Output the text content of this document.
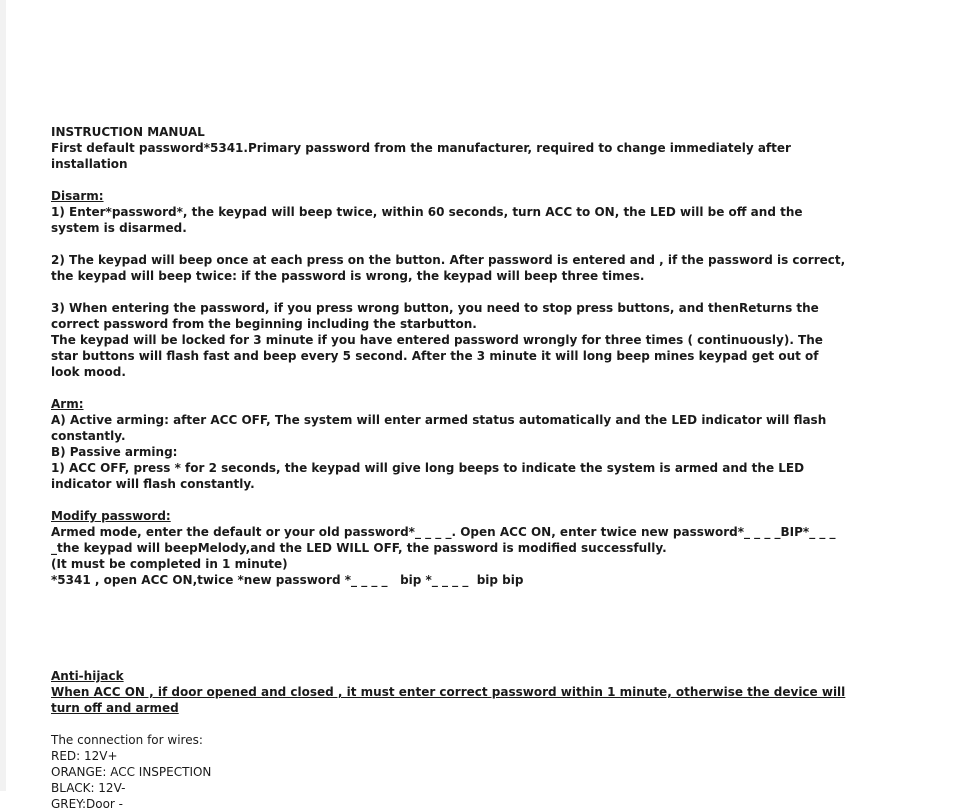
INSTRUCTION MANUAL
First default password*5341.Primary password from the manufacturer, required to change immediately after installation
Disarm:
1) Enter*password*, the keypad will beep twice, within 60 seconds, turn ACC to ON, the LED will be off and the system is disarmed.
2) The keypad will beep once at each press on the button. After password is entered and , if the password is correct, the keypad will beep twice: if the password is wrong, the keypad will beep three times.
3) When entering the password, if you press wrong button, you need to stop press buttons, and thenReturns the correct password from the beginning including the starbutton.
The keypad will be locked for 3 minute if you have entered password wrongly for three times ( continuously). The star buttons will flash fast and beep every 5 second. After the 3 minute it will long beep mines keypad get out of look mood.
Arm:
A) Active arming: after ACC OFF, The system will enter armed status automatically and the LED indicator will flash constantly.
B) Passive arming:
1) ACC OFF, press * for 2 seconds, the keypad will give long beeps to indicate the system is armed and the LED indicator will flash constantly.
Modify password:
Armed mode, enter the default or your old password*_ _ _ _. Open ACC ON, enter twice new password*_ _ _ _BIP*_ _ _ _the keypad will beepMelody,and the LED WILL OFF, the password is modified successfully.
(It must be completed in 1 minute)
*5341 , open ACC ON,twice *new password *_ _ _ _   bip *_ _ _ _  bip bip
Anti-hijack
When ACC ON , if door opened and closed , it must enter correct password within 1 minute, otherwise the device will turn off and armed
The connection for wires:
RED: 12V+
ORANGE: ACC INSPECTION
BLACK: 12V-
GREY:Door -
